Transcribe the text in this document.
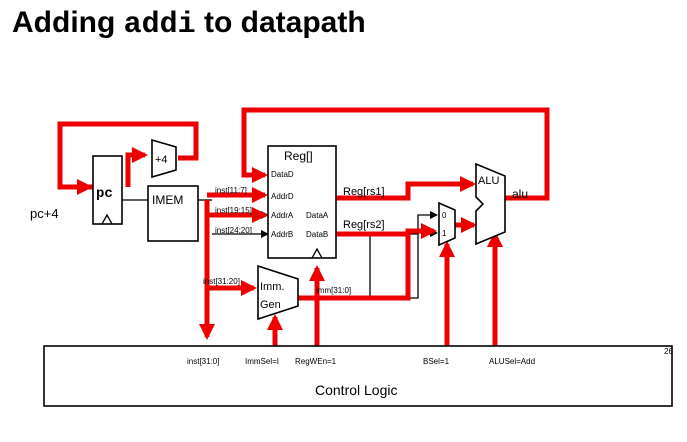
Adding addi to datapath
pc
pc+4
+4
IMEM
Reg[]
DataD
AddrD
AddrA
AddrB
DataA
DataB
inst[11:7]
inst[19:15]
inst[24:20]
inst[31:20]
Reg[rs1]
Reg[rs2]
Imm.
Gen
imm[31:0]
0
1
ALU
alu
inst[31:0]	ImmSel=I RegWEn=1	BSel=1	ALUSel=Add
Control Logic
26
